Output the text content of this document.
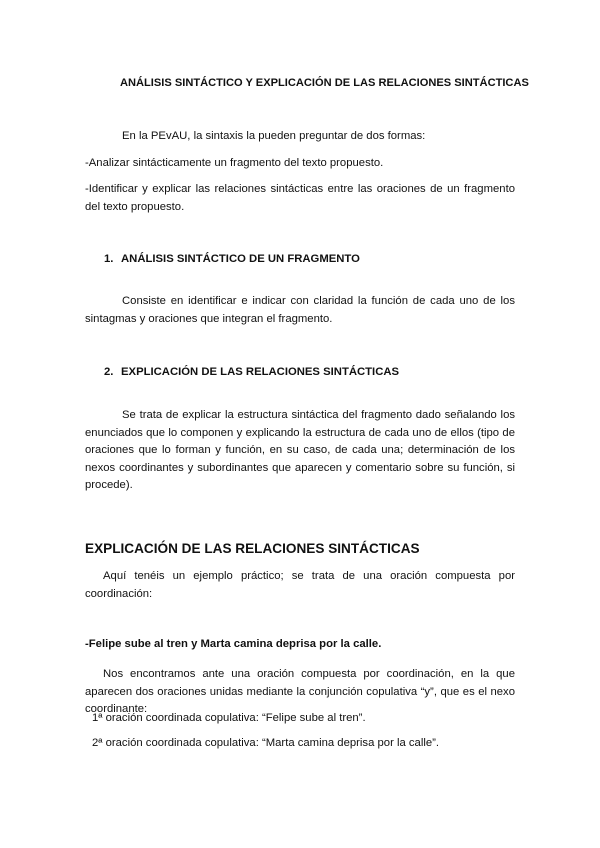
ANÁLISIS SINTÁCTICO Y EXPLICACIÓN DE LAS RELACIONES SINTÁCTICAS

En la PEvAU, la sintaxis la pueden preguntar de dos formas:

-Analizar sintácticamente un fragmento del texto propuesto.

-Identificar y explicar las relaciones sintácticas entre las oraciones de un fragmento del texto propuesto.

1. ANÁLISIS SINTÁCTICO DE UN FRAGMENTO

Consiste en identificar e indicar con claridad la función de cada uno de los sintagmas y oraciones que integran el fragmento.

2. EXPLICACIÓN DE LAS RELACIONES SINTÁCTICAS

Se trata de explicar la estructura sintáctica del fragmento dado señalando los enunciados que lo componen y explicando la estructura de cada uno de ellos (tipo de oraciones que lo forman y función, en su caso, de cada una; determinación de los nexos coordinantes y subordinantes que aparecen y comentario sobre su función, si procede).

EXPLICACIÓN DE LAS RELACIONES SINTÁCTICAS

Aquí tenéis un ejemplo práctico; se trata de una oración compuesta por coordinación:

-Felipe sube al tren y Marta camina deprisa por la calle.

Nos encontramos ante una oración compuesta por coordinación, en la que aparecen dos oraciones unidas mediante la conjunción copulativa “y”, que es el nexo coordinante:

1ª oración coordinada copulativa: “Felipe sube al tren”.

2ª oración coordinada copulativa: “Marta camina deprisa por la calle”.
